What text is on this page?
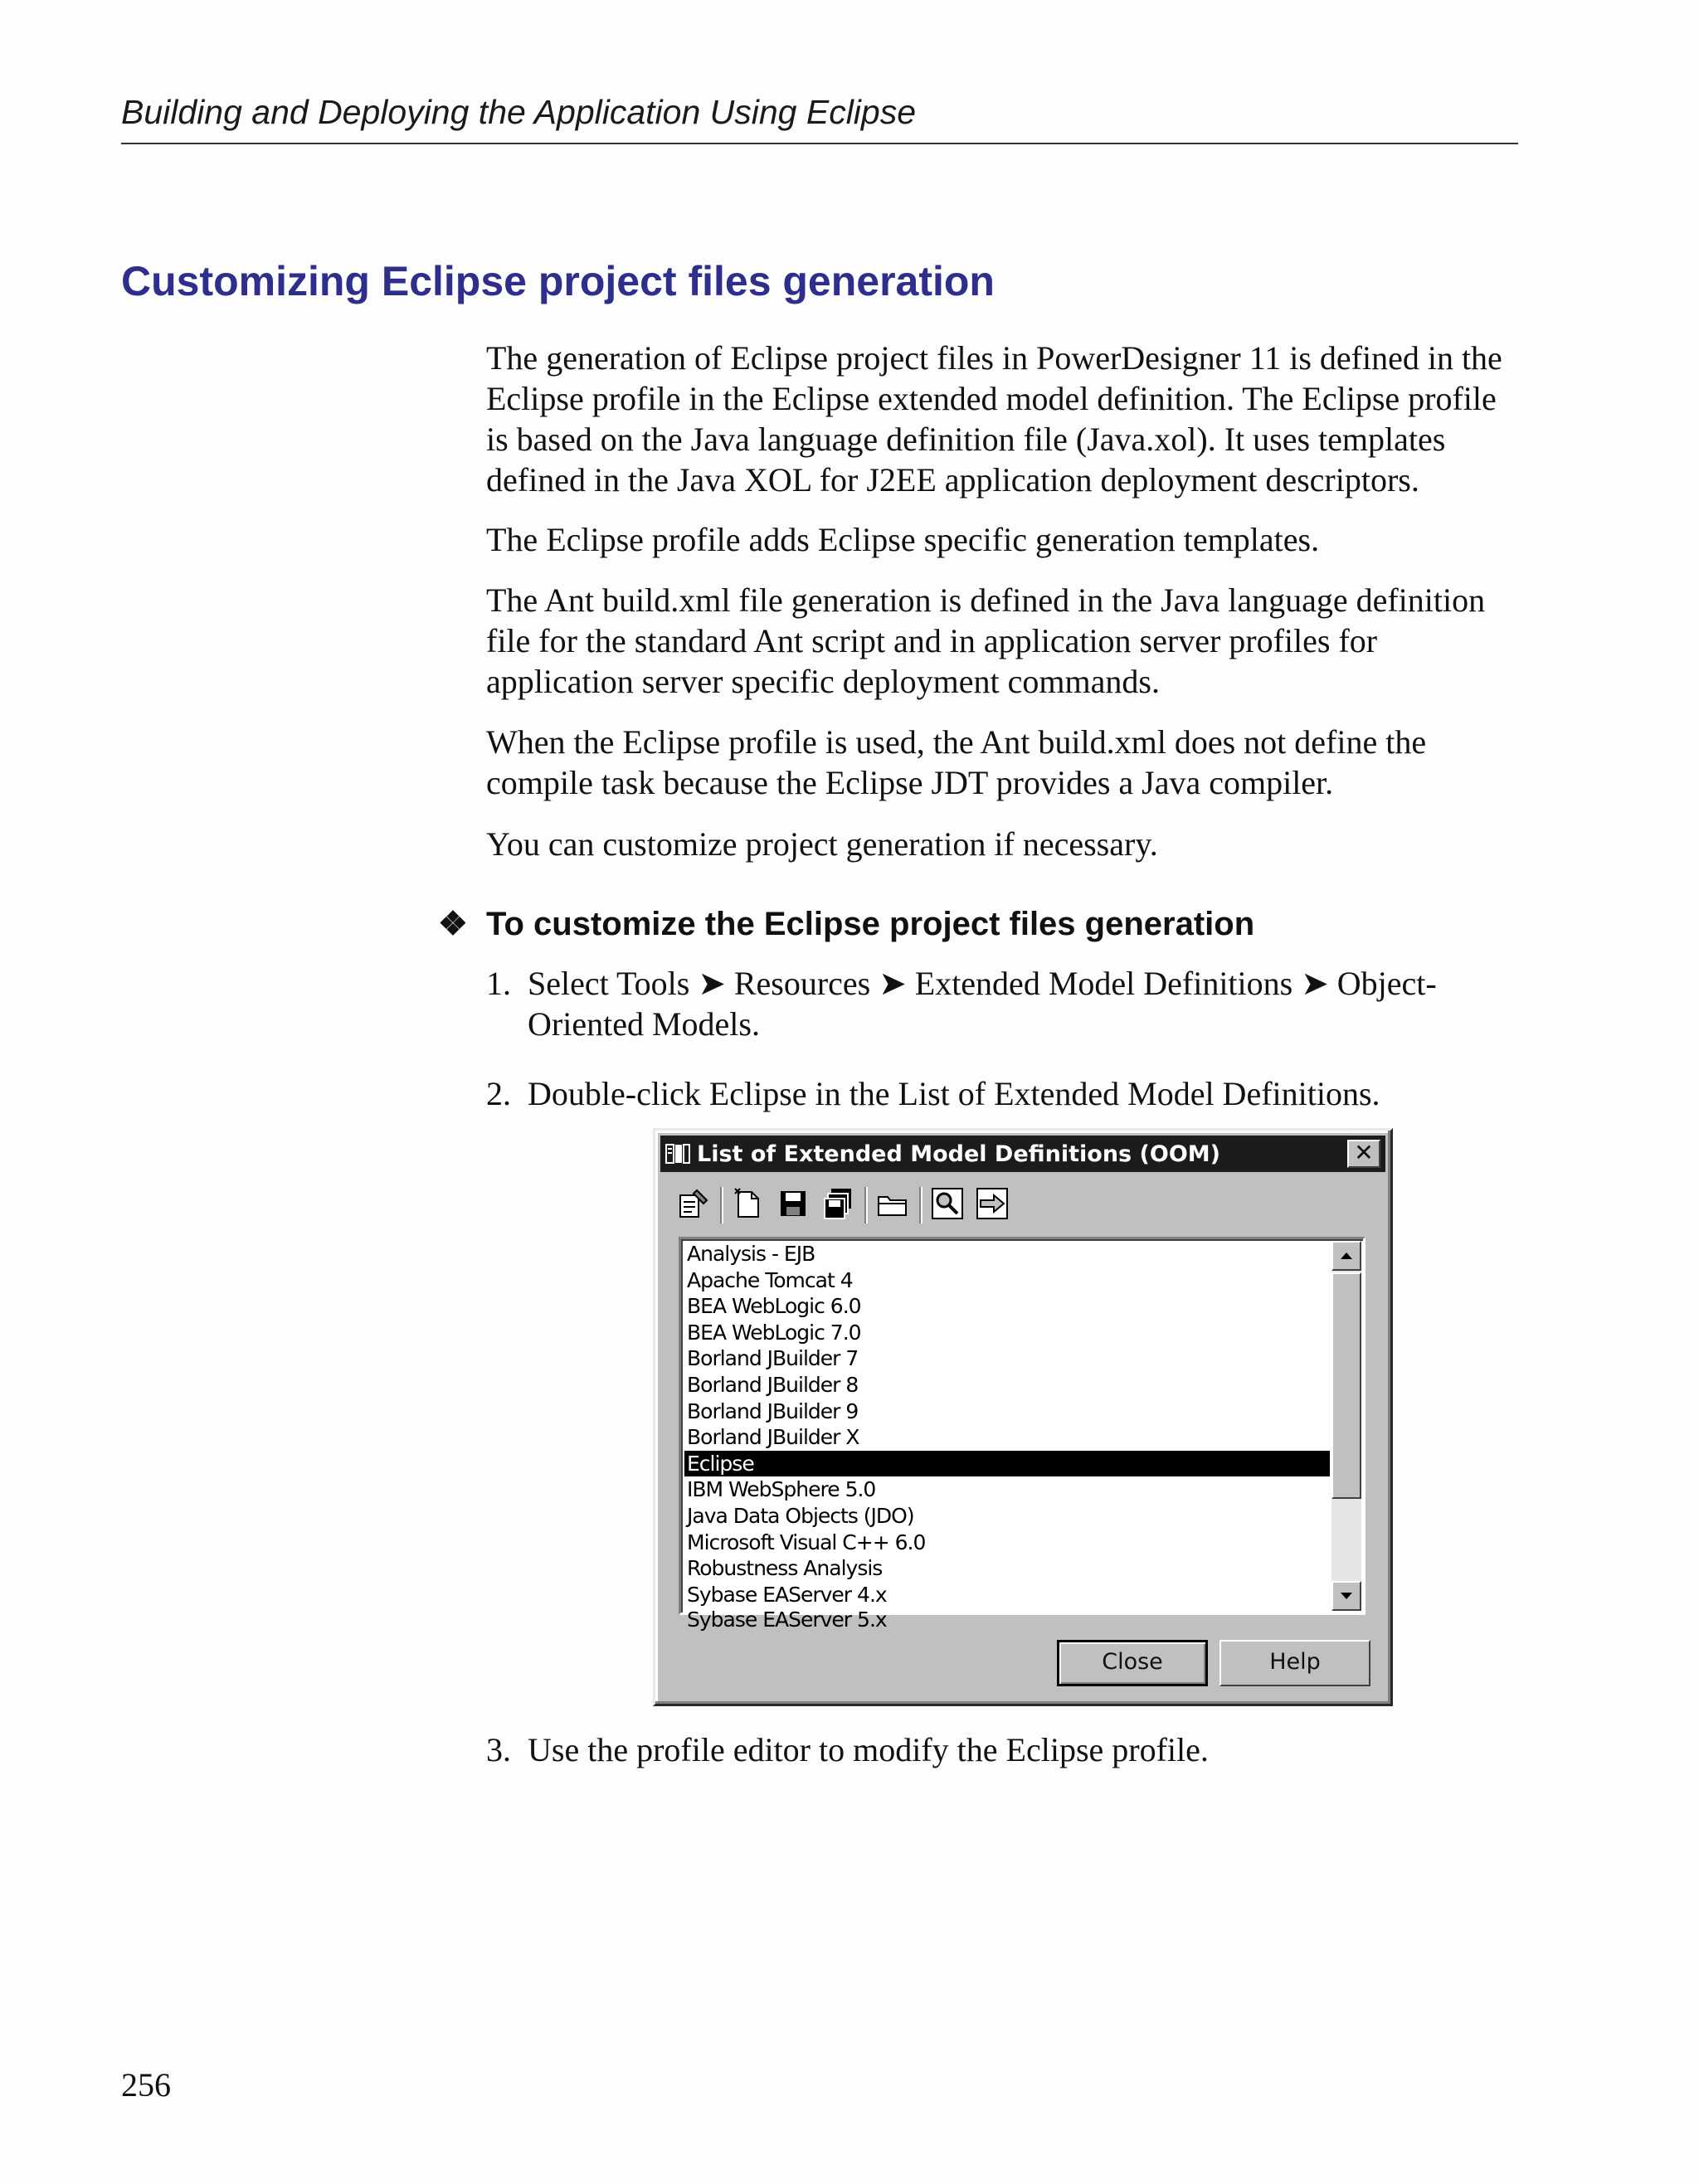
Building and Deploying the Application Using Eclipse
Customizing Eclipse project files generation

The generation of Eclipse project files in PowerDesigner 11 is defined in the Eclipse profile in the Eclipse extended model definition. The Eclipse profile is based on the Java language definition file (Java.xol). It uses templates defined in the Java XOL for J2EE application deployment descriptors.

The Eclipse profile adds Eclipse specific generation templates.

The Ant build.xml file generation is defined in the Java language definition file for the standard Ant script and in application server profiles for application server specific deployment commands.

When the Eclipse profile is used, the Ant build.xml does not define the compile task because the Eclipse JDT provides a Java compiler.

You can customize project generation if necessary.

❖ To customize the Eclipse project files generation
1. Select Tools ➤ Resources ➤ Extended Model Definitions ➤ Object-Oriented Models.
2. Double-click Eclipse in the List of Extended Model Definitions.
List of Extended Model Definitions (OOM)	✕
Analysis - EJB
Apache Tomcat 4
BEA WebLogic 6.0
BEA WebLogic 7.0
Borland JBuilder 7
Borland JBuilder 8
Borland JBuilder 9
Borland JBuilder X
Eclipse
IBM WebSphere 5.0
Java Data Objects (JDO)
Microsoft Visual C++ 6.0
Robustness Analysis
Sybase EAServer 4.x
Sybase EAServer 5.x
Close	Help
3. Use the profile editor to modify the Eclipse profile.
256
